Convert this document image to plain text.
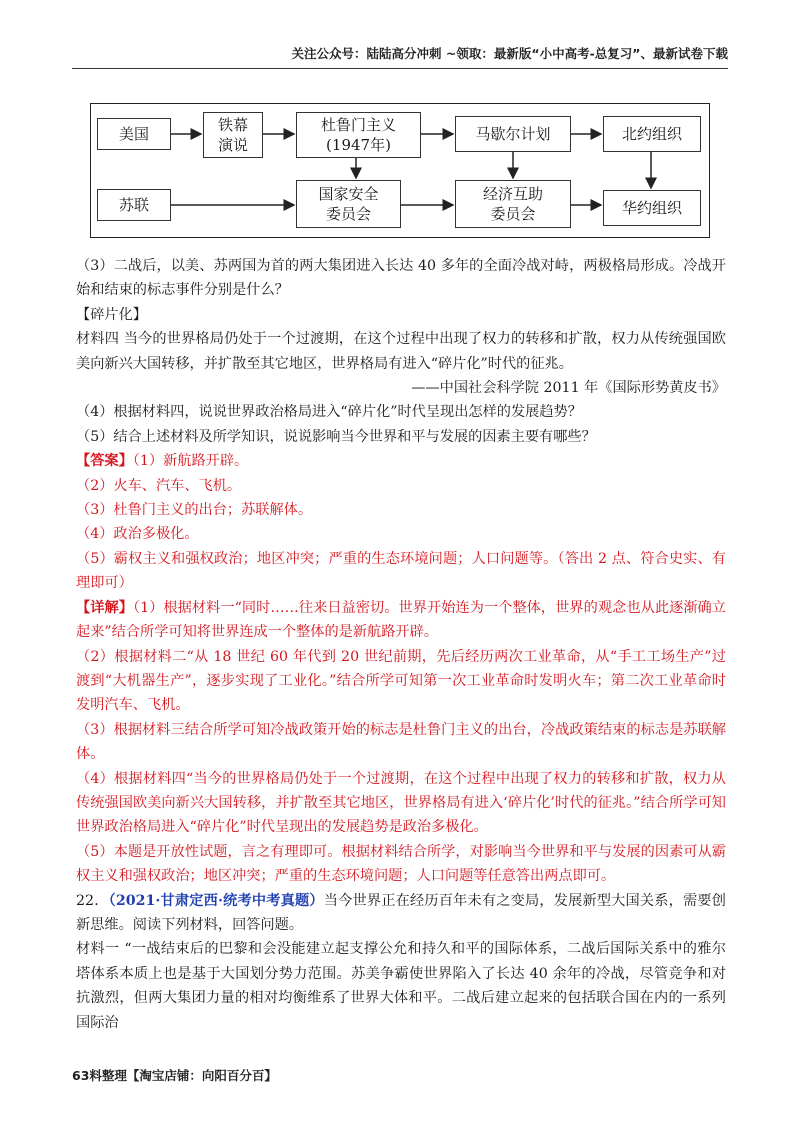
关注公众号：陆陆高分冲刺 ~领取：最新版“小中高考-总复习”、最新试卷下载
美国	铁幕
演说
杜鲁门主义
(1947年)
马歇尔计划	北约组织
苏联
国家安全
委员会
经济互助
委员会	华约组织

（3）二战后，以美、苏两国为首的两大集团进入长达 40 多年的全面冷战对峙，两极格局形成。冷战开始和结束的标志事件分别是什么？

【碎片化】

材料四 当今的世界格局仍处于一个过渡期，在这个过程中出现了权力的转移和扩散，权力从传统强国欧美向新兴大国转移，并扩散至其它地区，世界格局有进入“碎片化”时代的征兆。

——中国社会科学院 2011 年《国际形势黄皮书》

（4）根据材料四，说说世界政治格局进入“碎片化”时代呈现出怎样的发展趋势？

（5）结合上述材料及所学知识，说说影响当今世界和平与发展的因素主要有哪些？

【答案】（1）新航路开辟。

（2）火车、汽车、飞机。

（3）杜鲁门主义的出台；苏联解体。

（4）政治多极化。

（5）霸权主义和强权政治；地区冲突；严重的生态环境问题；人口问题等。（答出 2 点、符合史实、有理即可）

【详解】（1）根据材料一“同时……往来日益密切。世界开始连为一个整体，世界的观念也从此逐渐确立起来”结合所学可知将世界连成一个整体的是新航路开辟。

（2）根据材料二“从 18 世纪 60 年代到 20 世纪前期，先后经历两次工业革命，从“手工工场生产”过渡到“大机器生产”，逐步实现了工业化。”结合所学可知第一次工业革命时发明火车；第二次工业革命时发明汽车、飞机。

（3）根据材料三结合所学可知冷战政策开始的标志是杜鲁门主义的出台，冷战政策结束的标志是苏联解体。

（4）根据材料四“当今的世界格局仍处于一个过渡期，在这个过程中出现了权力的转移和扩散，权力从传统强国欧美向新兴大国转移，并扩散至其它地区，世界格局有进入‘碎片化’时代的征兆。”结合所学可知世界政治格局进入“碎片化”时代呈现出的发展趋势是政治多极化。

（5）本题是开放性试题，言之有理即可。根据材料结合所学，对影响当今世界和平与发展的因素可从霸权主义和强权政治；地区冲突；严重的生态环境问题；人口问题等任意答出两点即可。

22．（2021·甘肃定西·统考中考真题）当今世界正在经历百年未有之变局，发展新型大国关系，需要创新思维。阅读下列材料，回答问题。

材料一 “一战结束后的巴黎和会没能建立起支撑公允和持久和平的国际体系，二战后国际关系中的雅尔塔体系本质上也是基于大国划分势力范围。苏美争霸使世界陷入了长达 40 余年的冷战，尽管竞争和对抗激烈，但两大集团力量的相对均衡维系了世界大体和平。二战后建立起来的包括联合国在内的一系列国际治

63料整理【淘宝店铺：向阳百分百】
